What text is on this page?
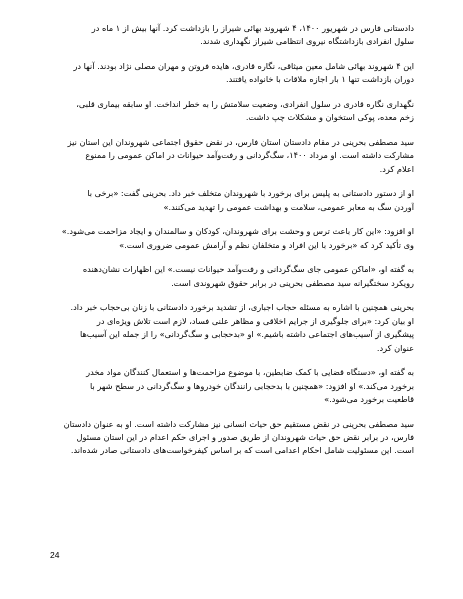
دادستانی فارس در شهریور ۱۴۰۰، ۴ شهروند بهائی شیراز را بازداشت کرد. آنها بیش از ۱ ماه در
سلول انفرادی بازداشتگاه نیروی انتظامی شیراز نگهداری شدند.

این ۴ شهروند بهائی شامل معین میثاقی، نگاره قادری، هایده فروتن و مهران مصلی نژاد بودند. آنها در
دوران بازداشت تنها ۱ بار اجازه ملاقات با خانواده یافتند.

نگهداری نگاره قادری در سلول انفرادی، وضعیت سلامتش را به خطر انداخت. او سابقه بیماری قلبی،
زخم معده، پوکی استخوان و مشکلات چپ داشت.

سید مصطفی بحرینی در مقام دادستان استان فارس، در نقض حقوق اجتماعی شهروندان این استان نیز
مشارکت داشته است. او مرداد ۱۴۰۰، سگ‌گردانی و رفت‌وآمد حیوانات در اماکن عمومی را ممنوع
اعلام کرد.

او از دستور دادستانی به پلیس برای برخورد با شهروندان متخلف خبر داد. بحرینی گفت: «برخی با
آوردن سگ به معابر عمومی، سلامت و بهداشت عمومی را تهدید می‌کنند.»

او افزود: «این کار باعث ترس و وحشت برای شهروندان، کودکان و سالمندان و ایجاد مزاحمت می‌شود.»
وی تأکید کرد که «برخورد با این افراد و متخلفان نظم و آرامش عمومی ضروری است.»

به گفته او، «اماکن عمومی جای سگ‌گردانی و رفت‌وآمد حیوانات نیست.» این اظهارات نشان‌دهنده
رویکرد سختگیرانه سید مصطفی بحرینی در برابر حقوق شهروندی است.

بحرینی همچنین با اشاره به مسئله حجاب اجباری، از تشدید برخورد دادستانی با زنان بی‌حجاب خبر داد.
او بیان کرد: «برای جلوگیری از جرایم اخلاقی و مظاهر علنی فساد، لازم است تلاش ویژه‌ای در
پیشگیری از آسیب‌های اجتماعی داشته باشیم.» او «بدحجابی و سگ‌گردانی» را از جمله این آسیب‌ها
عنوان کرد.

به گفته او، «دستگاه قضایی با کمک ضابطین، با موضوع مزاحمت‌ها و استعمال کنندگان مواد مخدر
برخورد می‌کند.» او افزود: «همچنین با بدحجابی رانندگان خودروها و سگ‌گردانی در سطح شهر با
قاطعیت برخورد می‌شود.»

سید مصطفی بحرینی در نقض مستقیم حق حیات انسانی نیز مشارکت داشته است. او به عنوان دادستان
فارس، در برابر نقض حق حیات شهروندان از طریق صدور و اجرای حکم اعدام در این استان مسئول
است. این مسئولیت شامل احکام اعدامی است که بر اساس کیفرخواست‌های دادستانی صادر شده‌اند.

24
